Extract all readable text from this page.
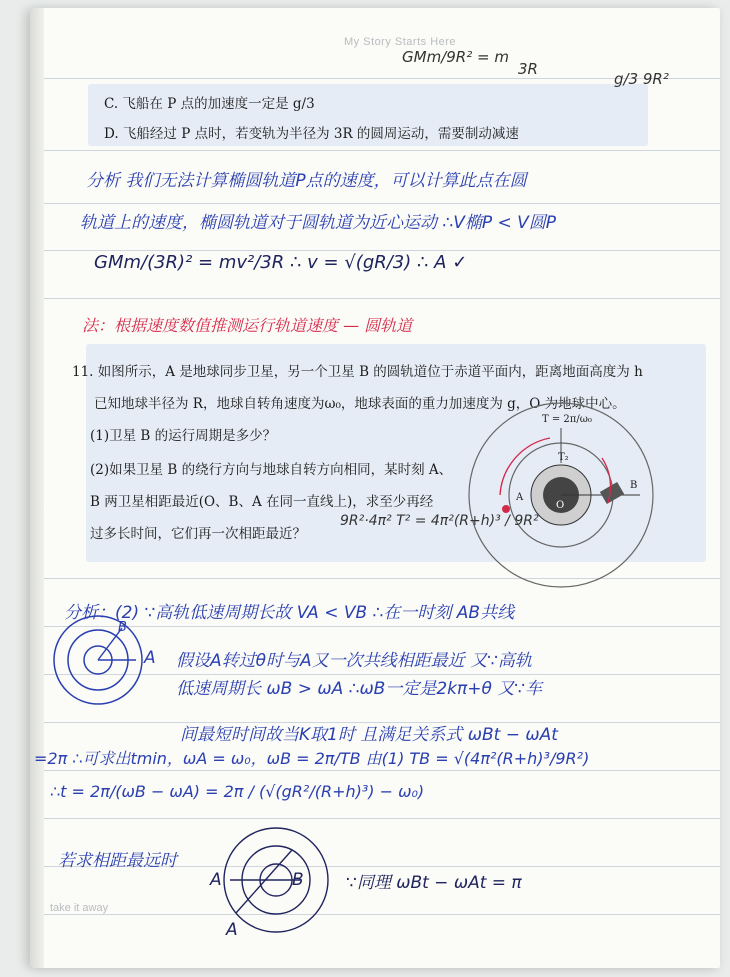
My Story Starts Here
GMm/9R² = m
3R
g/3 9R²
C. 飞船在 P 点的加速度一定是 g/3
D. 飞船经过 P 点时，若变轨为半径为 3R 的圆周运动，需要制动减速
分析 我们无法计算椭圆轨道P点的速度，可以计算此点在圆
轨道上的速度，椭圆轨道对于圆轨道为近心运动 ∴V椭P < V圆P
GMm/(3R)² = mv²/3R ∴ v = √(gR/3) ∴ A ✓
法：根据速度数值推测运行轨道速度 — 圆轨道
11. 如图所示，A 是地球同步卫星，另一个卫星 B 的圆轨道位于赤道平面内，距离地面高度为 h
已知地球半径为 R，地球自转角速度为ω₀，地球表面的重力加速度为 g，O 为地球中心。
(1)卫星 B 的运行周期是多少？
(2)如果卫星 B 的绕行方向与地球自转方向相同，某时刻 A、
B 两卫星相距最近(O、B、A 在同一直线上)，求至少再经
过多长时间，它们再一次相距最近？
T = 2π/ω₀
T₂
A
B
O
9R²·4π² T² = 4π²(R+h)³ / 9R²
分析：(2) ∵高轨低速周期长故 VA < VB ∴在一时刻 AB共线
假设A转过θ时与A又一次共线相距最近 又∵高轨
低速周期长 ωB > ωA ∴ωB一定是2kπ+θ 又∵车
间最短时间故当K取1时 且满足关系式 ωBt − ωAt
=2π ∴可求出tmin，ωA = ω₀，ωB = 2π/TB 由(1) TB = √(4π²(R+h)³/9R²)
∴t = 2π/(ωB − ωA) = 2π / (√(gR²/(R+h)³) − ω₀)
A
B
若求相距最远时
A	B
A
∵同理 ωBt − ωAt = π
take it away
